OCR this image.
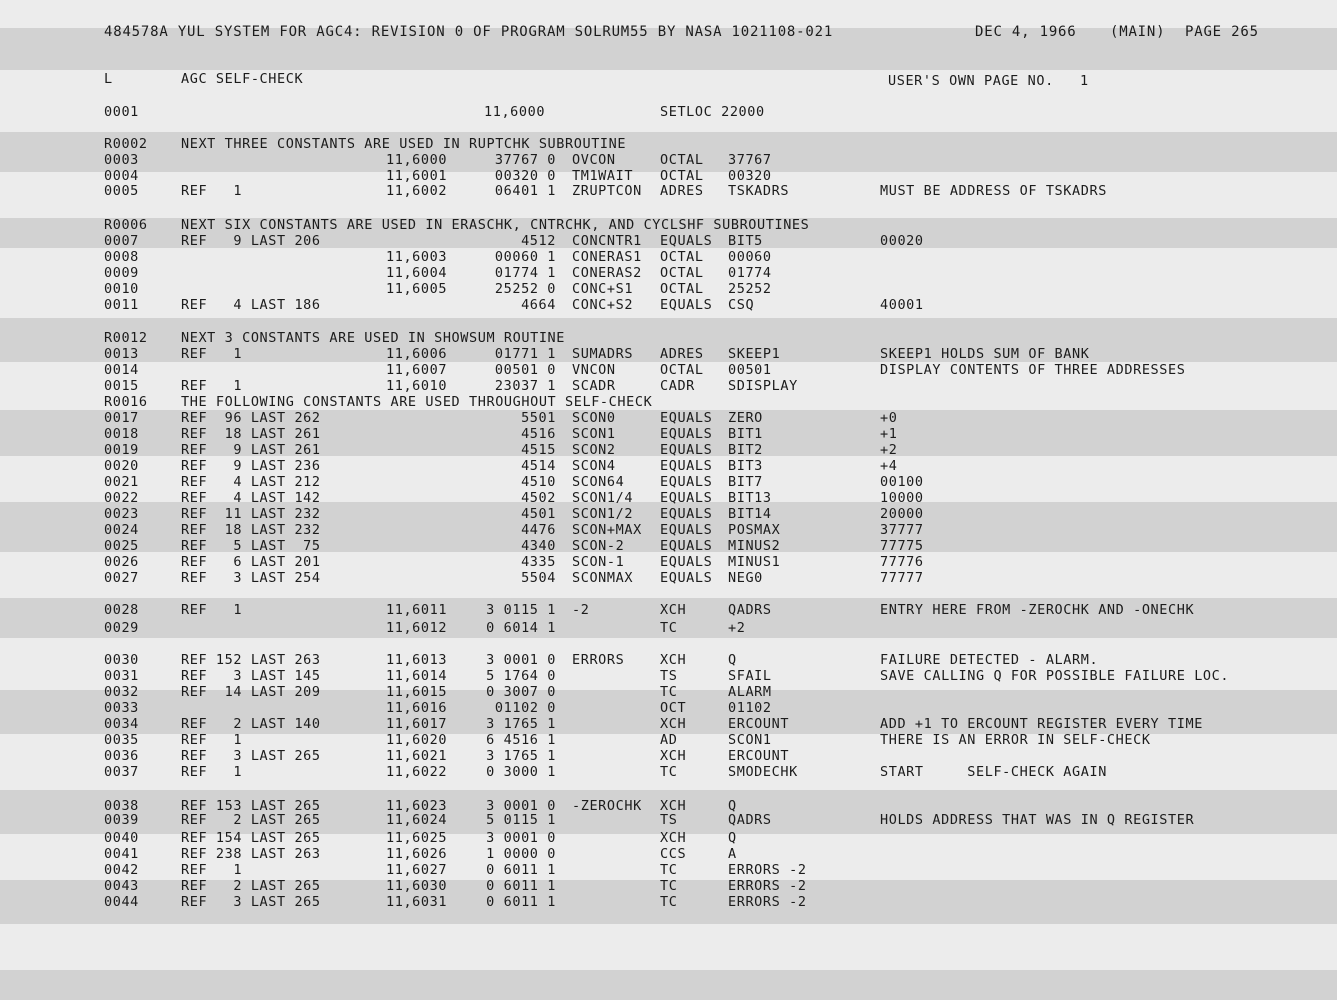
484578A YUL SYSTEM FOR AGC4: REVISION 0 OF PROGRAM SOLRUM55 BY NASA 1021108-021	DEC 4, 1966 (MAIN) PAGE 265
L	AGC SELF-CHECK	USER'S OWN PAGE NO.   1
0001	11,6000	SETLOC 22000
R0002 NEXT THREE CONSTANTS ARE USED IN RUPTCHK SUBROUTINE
0003	11,6000	37767 0 OVCON	OCTAL 37767
0004	11,6001	00320 0 TM1WAIT OCTAL 00320
0005	REF   1	11,6002	06401 1 ZRUPTCON ADRES TSKADRS	MUST BE ADDRESS OF TSKADRS
R0006 NEXT SIX CONSTANTS ARE USED IN ERASCHK, CNTRCHK, AND CYCLSHF SUBROUTINES
0007	REF   9 LAST 206	4512 CONCNTR1 EQUALS BIT5	00020
0008	11,6003	00060 1 CONERAS1 OCTAL 00060
0009	11,6004	01774 1 CONERAS2 OCTAL 01774
0010	11,6005	25252 0 CONC+S1 OCTAL 25252
0011	REF   4 LAST 186	4664 CONC+S2 EQUALS CSQ	40001
R0012 NEXT 3 CONSTANTS ARE USED IN SHOWSUM ROUTINE
0013	REF   1	11,6006	01771 1 SUMADRS ADRES SKEEP1	SKEEP1 HOLDS SUM OF BANK
0014	11,6007	00501 0 VNCON	OCTAL 00501	DISPLAY CONTENTS OF THREE ADDRESSES
0015	REF   1	11,6010	23037 1 SCADR	CADR SDISPLAY
R0016 THE FOLLOWING CONSTANTS ARE USED THROUGHOUT SELF-CHECK
0017	REF  96 LAST 262	5501 SCON0	EQUALS ZERO	+0
0018	REF  18 LAST 261	4516 SCON1	EQUALS BIT1	+1
0019	REF   9 LAST 261	4515 SCON2	EQUALS BIT2	+2
0020	REF   9 LAST 236	4514 SCON4	EQUALS BIT3	+4
0021	REF   4 LAST 212	4510 SCON64	EQUALS BIT7	00100
0022	REF   4 LAST 142	4502 SCON1/4 EQUALS BIT13	10000
0023	REF  11 LAST 232	4501 SCON1/2 EQUALS BIT14	20000
0024	REF  18 LAST 232	4476 SCON+MAX EQUALS POSMAX	37777
0025	REF   5 LAST  75	4340 SCON-2	EQUALS MINUS2	77775
0026	REF   6 LAST 201	4335 SCON-1	EQUALS MINUS1	77776
0027	REF   3 LAST 254	5504 SCONMAX EQUALS NEG0	77777
0028	REF   1	11,6011	3 0115 1 -2	XCH	QADRS	ENTRY HERE FROM -ZEROCHK AND -ONECHK
0029	11,6012	0 6014 1	TC	+2
0030	REF 152 LAST 263	11,6013	3 0001 0 ERRORS	XCH	Q	FAILURE DETECTED - ALARM.
0031	REF   3 LAST 145	11,6014	5 1764 0	TS	SFAIL	SAVE CALLING Q FOR POSSIBLE FAILURE LOC.
0032	REF  14 LAST 209	11,6015	0 3007 0	TC	ALARM
0033	11,6016	01102 0	OCT	01102
0034	REF   2 LAST 140	11,6017	3 1765 1	XCH	ERCOUNT	ADD +1 TO ERCOUNT REGISTER EVERY TIME
0035	REF   1	11,6020	6 4516 1	AD	SCON1	THERE IS AN ERROR IN SELF-CHECK
0036	REF   3 LAST 265	11,6021	3 1765 1	XCH	ERCOUNT
0037	REF   1	11,6022	0 3000 1	TC	SMODECHK	START     SELF-CHECK AGAIN
0038	REF 153 LAST 265	11,6023	3 0001 0 -ZEROCHK XCH	Q
0039	REF   2 LAST 265	11,6024	5 0115 1	TS	QADRS	HOLDS ADDRESS THAT WAS IN Q REGISTER
0040	REF 154 LAST 265	11,6025	3 0001 0	XCH	Q
0041	REF 238 LAST 263	11,6026	1 0000 0	CCS	A
0042	REF   1	11,6027	0 6011 1	TC	ERRORS -2
0043	REF   2 LAST 265	11,6030	0 6011 1	TC	ERRORS -2
0044	REF   3 LAST 265	11,6031	0 6011 1	TC	ERRORS -2
